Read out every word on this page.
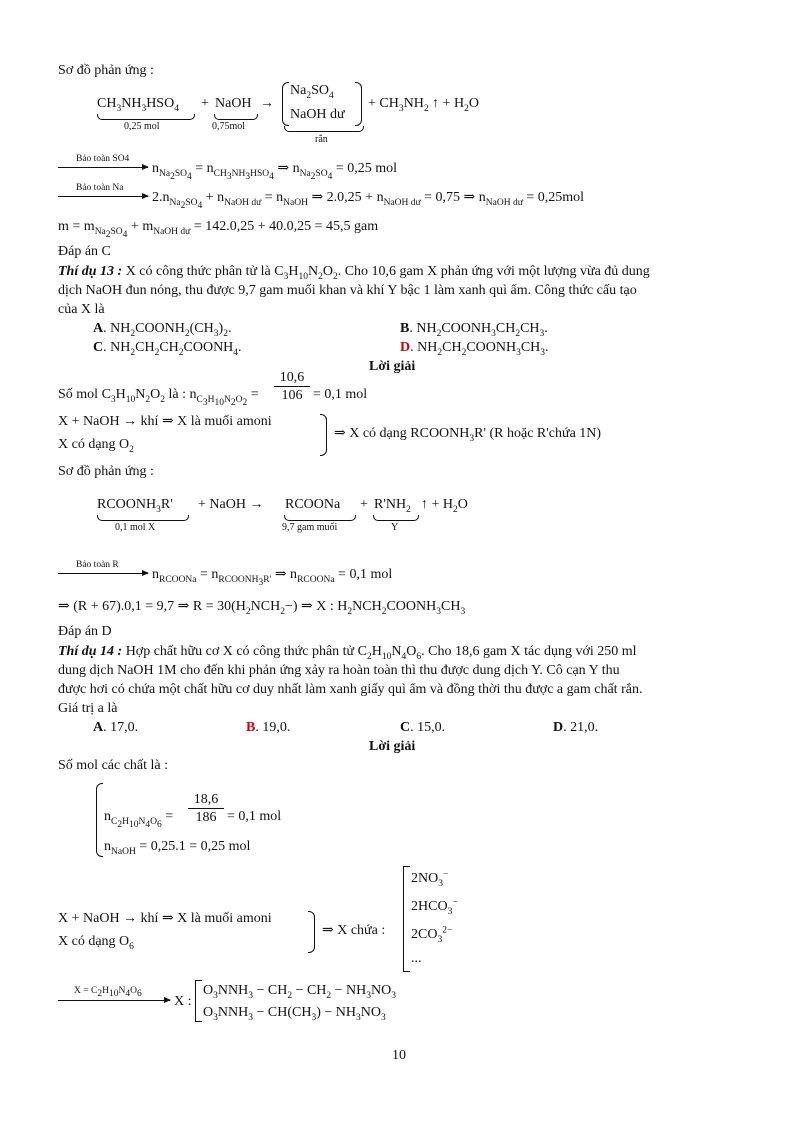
Sơ đồ phản ứng :
$CH_3NH_3HSO_4$
0,25 mol
+ NaOH
0,75mol
→
$Na_2SO_4$
NaOH dư
rắn
+ $CH_3NH_2$ ↑ + $H_2O$
Bảo toàn SO4
$n_{Na_2SO_4} = n_{CH_3NH_3HSO_4}$ ⇒ $n_{Na_2SO_4} = 0,25$ mol
Bảo toàn Na
$2.n_{Na_2SO_4} + n_{NaOH dư} = n_{NaOH}$ ⇒ $2.0,25 + n_{NaOH dư} = 0,75$ ⇒ $n_{NaOH dư} = 0,25mol$
$m = m_{Na_2SO_4} + m_{NaOH dư} = 142.0,25 + 40.0,25 = 45,5$ gam
Đáp án C
Thí dụ 13 : X có công thức phân tử là $C_3H_{10}N_2O_2$. Cho 10,6 gam X phản ứng với một lượng vừa đủ dung
dịch NaOH đun nóng, thu được 9,7 gam muối khan và khí Y bậc 1 làm xanh quì ẩm. Công thức cấu tạo
của X là
A. $NH_2COONH_2(CH_3)_2$.	B. $NH_2COONH_3CH_2CH_3$.
C. $NH_2CH_2CH_2COONH_4$.	D. $NH_2CH_2COONH_3CH_3$.
Lời giải
Số mol $C_3H_{10}N_2O_2$ là : $n_{C_3H_{10}N_2O_2} = \frac{10,6}{106} = 0,1$ mol
X + NaOH → khí ⇒ X là muối amoni
X có dạng $O_2$
⇒ X có dạng $RCOONH_3R'$ (R hoặc R'chứa 1N)
Sơ đồ phản ứng :
$RCOONH_3R'$
0,1 mol X
+ NaOH → RCOONa
9,7 gam muối
+ $R'NH_2$
Y
↑ + $H_2O$
Bảo toàn R
$n_{RCOONa} = n_{RCOONH_3R'}$ ⇒ $n_{RCOONa} = 0,1$ mol
⇒ (R + 67).0,1 = 9,7 ⇒ $R = 30(H_2NCH_2-)$ ⇒ X : $H_2NCH_2COONH_3CH_3$
Đáp án D
Thí dụ 14 : Hợp chất hữu cơ X có công thức phân tử $C_2H_{10}N_4O_6$. Cho 18,6 gam X tác dụng với 250 ml
dung dịch NaOH 1M cho đến khi phản ứng xảy ra hoàn toàn thì thu được dung dịch Y. Cô cạn Y thu
được hơi có chứa một chất hữu cơ duy nhất làm xanh giấy quì ẩm và đồng thời thu được a gam chất rắn.
Giá trị a là
A. 17,0.	B. 19,0.	C. 15,0.	D. 21,0.
Lời giải
Số mol các chất là :
$n_{C_2H_{10}N_4O_6} = \frac{18,6}{186} = 0,1$ mol
$n_{NaOH} = 0,25.1 = 0,25$ mol
X + NaOH → khí ⇒ X là muối amoni
X có dạng $O_6$
⇒ X chứa :
$2NO_3^-$
$2HCO_3^-$
$2CO_3^{2-}$
...
$X = C_2H_{10}N_4O_6$
X :
$O_3NNH_3 - CH_2 - CH_2 - NH_3NO_3$
$O_3NNH_3 - CH(CH_3) - NH_3NO_3$
10
